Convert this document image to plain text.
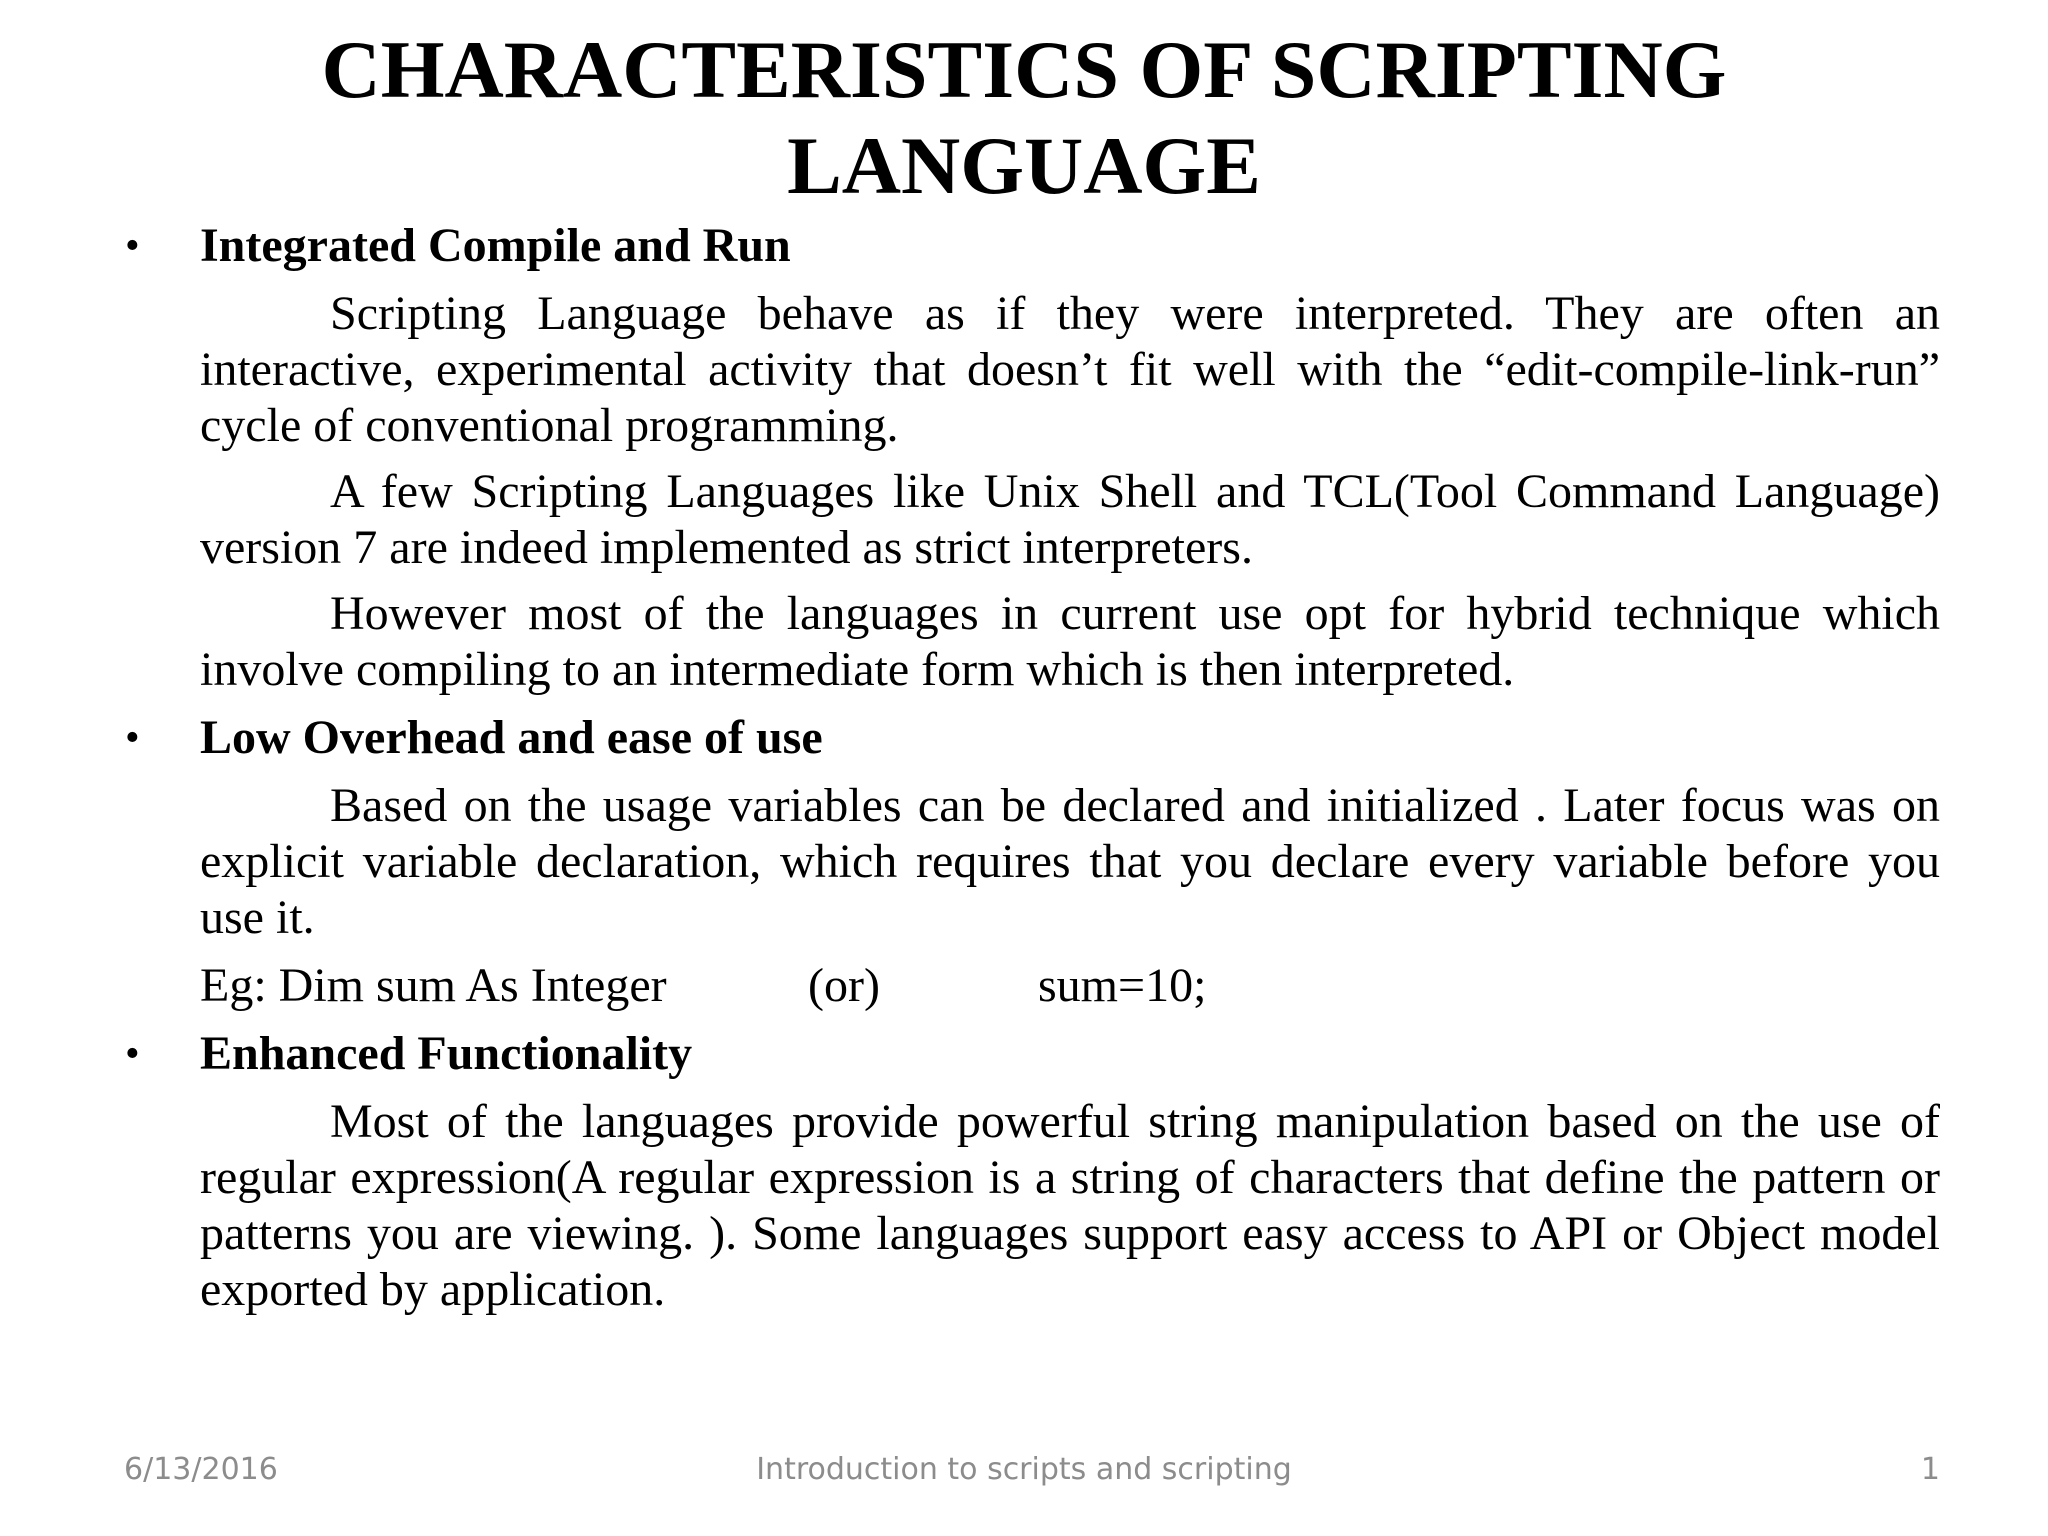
CHARACTERISTICS OF SCRIPTING
LANGUAGE
• Integrated Compile and Run

Scripting Language behave as if they were interpreted. They are often an interactive, experimental activity that doesn’t fit well with the “edit-compile-link-run” cycle of conventional programming.

A few Scripting Languages like Unix Shell and TCL(Tool Command Language) version 7 are indeed implemented as strict interpreters.

However most of the languages in current use opt for hybrid technique which involve compiling to an intermediate form which is then interpreted.

• Low Overhead and ease of use

Based on the usage variables can be declared and initialized . Later focus was on explicit variable declaration, which requires that you declare every variable before you use it.

Eg: Dim sum As Integer	(or)	sum=10;
• Enhanced Functionality

Most of the languages provide powerful string manipulation based on the use of regular expression(A regular expression is a string of characters that define the pattern or patterns you are viewing. ). Some languages support easy access to API or Object model exported by application.

6/13/2016	Introduction to scripts and scripting	1
